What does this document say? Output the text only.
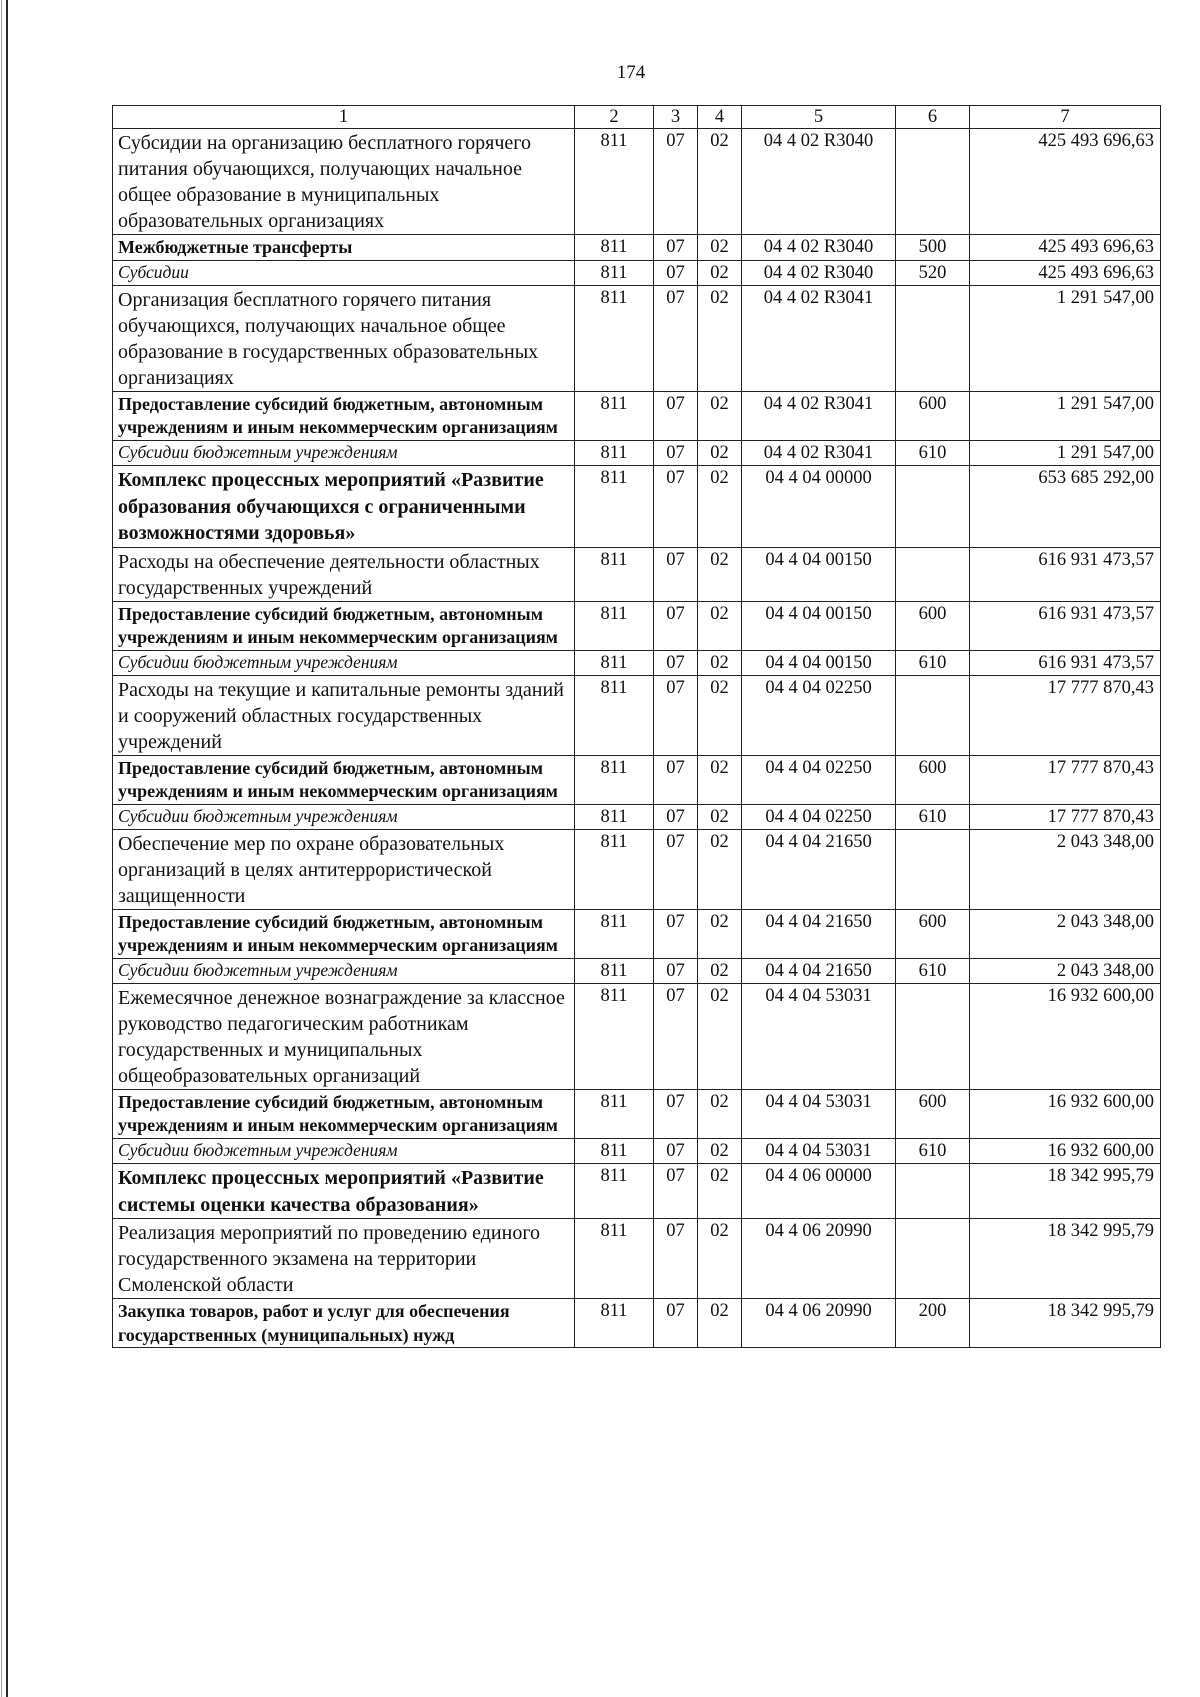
174
1	2	3	4	5	6	7
Субсидии на организацию бесплатного горячего питания обучающихся, получающих начальное общее образование в муниципальных образовательных организациях	811	07	02	04 4 02 R3040		425 493 696,63
Межбюджетные трансферты	811	07	02	04 4 02 R3040	500	425 493 696,63
Субсидии	811	07	02	04 4 02 R3040	520	425 493 696,63
Организация бесплатного горячего питания обучающихся, получающих начальное общее образование в государственных образовательных организациях	811	07	02	04 4 02 R3041		1 291 547,00
Предоставление субсидий бюджетным, автономным учреждениям и иным некоммерческим организациям	811	07	02	04 4 02 R3041	600	1 291 547,00
Субсидии бюджетным учреждениям	811	07	02	04 4 02 R3041	610	1 291 547,00
Комплекс процессных мероприятий «Развитие образования обучающихся с ограниченными возможностями здоровья»	811	07	02	04 4 04 00000		653 685 292,00
Расходы на обеспечение деятельности областных государственных учреждений	811	07	02	04 4 04 00150		616 931 473,57
Предоставление субсидий бюджетным, автономным учреждениям и иным некоммерческим организациям	811	07	02	04 4 04 00150	600	616 931 473,57
Субсидии бюджетным учреждениям	811	07	02	04 4 04 00150	610	616 931 473,57
Расходы на текущие и капитальные ремонты зданий и сооружений областных государственных учреждений	811	07	02	04 4 04 02250		17 777 870,43
Предоставление субсидий бюджетным, автономным учреждениям и иным некоммерческим организациям	811	07	02	04 4 04 02250	600	17 777 870,43
Субсидии бюджетным учреждениям	811	07	02	04 4 04 02250	610	17 777 870,43
Обеспечение мер по охране образовательных организаций в целях антитеррористической защищенности	811	07	02	04 4 04 21650		2 043 348,00
Предоставление субсидий бюджетным, автономным учреждениям и иным некоммерческим организациям	811	07	02	04 4 04 21650	600	2 043 348,00
Субсидии бюджетным учреждениям	811	07	02	04 4 04 21650	610	2 043 348,00
Ежемесячное денежное вознаграждение за классное руководство педагогическим работникам государственных и муниципальных общеобразовательных организаций	811	07	02	04 4 04 53031		16 932 600,00
Предоставление субсидий бюджетным, автономным учреждениям и иным некоммерческим организациям	811	07	02	04 4 04 53031	600	16 932 600,00
Субсидии бюджетным учреждениям	811	07	02	04 4 04 53031	610	16 932 600,00
Комплекс процессных мероприятий «Развитие системы оценки качества образования»	811	07	02	04 4 06 00000		18 342 995,79
Реализация мероприятий по проведению единого государственного экзамена на территории Смоленской области	811	07	02	04 4 06 20990		18 342 995,79
Закупка товаров, работ и услуг для обеспечения государственных (муниципальных) нужд	811	07	02	04 4 06 20990	200	18 342 995,79
